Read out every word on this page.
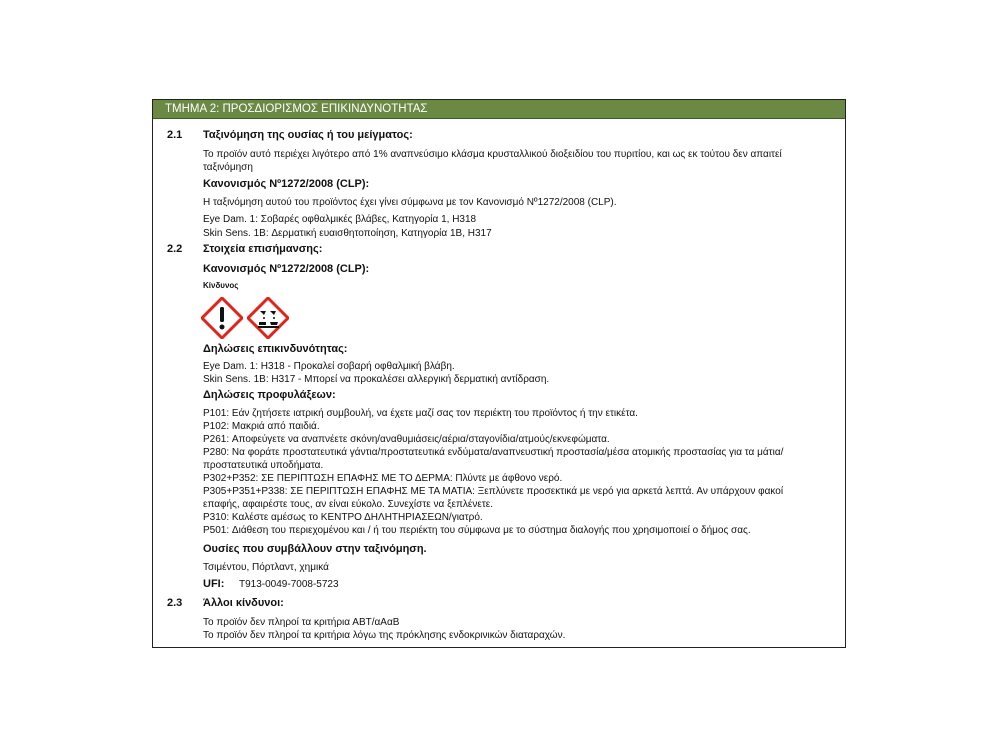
ΤΜΗΜΑ 2: ΠΡΟΣΔΙΟΡΙΣΜΟΣ ΕΠΙΚΙΝΔΥΝΟΤΗΤΑΣ
2.1 Ταξινόμηση της ουσίας ή του μείγματος:
Το προϊόν αυτό περιέχει λιγότερο από 1% αναπνεύσιμο κλάσμα κρυσταλλικού διοξειδίου του πυριτίου, και ως εκ τούτου δεν απαιτεί ταξινόμηση
Κανονισμός Nº1272/2008 (CLP):
Η ταξινόμηση αυτού του προϊόντος έχει γίνει σύμφωνα με τον Κανονισμό Nº1272/2008 (CLP).
Eye Dam. 1: Σοβαρές οφθαλμικές βλάβες, Κατηγορία 1, H318
Skin Sens. 1B: Δερματική ευαισθητοποίηση, Κατηγορία 1B, H317
2.2 Στοιχεία επισήμανσης:
Κανονισμός Nº1272/2008 (CLP):
Κίνδυνος
Δηλώσεις επικινδυνότητας:
Eye Dam. 1: H318 - Προκαλεί σοβαρή οφθαλμική βλάβη.
Skin Sens. 1B: H317 - Μπορεί να προκαλέσει αλλεργική δερματική αντίδραση.
Δηλώσεις προφυλάξεων:
P101: Εάν ζητήσετε ιατρική συμβουλή, να έχετε μαζί σας τον περιέκτη του προϊόντος ή την ετικέτα.
P102: Μακριά από παιδιά.
P261: Αποφεύγετε να αναπνέετε σκόνη/αναθυμιάσεις/αέρια/σταγονίδια/ατμούς/εκνεφώματα.
P280: Να φοράτε προστατευτικά γάντια/προστατευτικά ενδύματα/αναπνευστική προστασία/μέσα ατομικής προστασίας για τα μάτια/προστατευτικά υποδήματα.
P302+P352: ΣΕ ΠΕΡΙΠΤΩΣΗ ΕΠΑΦΗΣ ΜΕ ΤΟ ΔΕΡΜΑ: Πλύντε με άφθονο νερό.
P305+P351+P338: ΣΕ ΠΕΡΙΠΤΩΣΗ ΕΠΑΦΗΣ ΜΕ ΤΑ ΜΑΤΙΑ: Ξεπλύνετε προσεκτικά με νερό για αρκετά λεπτά. Αν υπάρχουν φακοί επαφής, αφαιρέστε τους, αν είναι εύκολο. Συνεχίστε να ξεπλένετε.
P310: Καλέστε αμέσως το ΚΕΝΤΡΟ ΔΗΛΗΤΗΡΙΑΣΕΩΝ/γιατρό.
P501: Διάθεση του περιεχομένου και / ή του περιέκτη του σύμφωνα με το σύστημα διαλογής που χρησιμοποιεί ο δήμος σας.
Ουσίες που συμβάλλουν στην ταξινόμηση.
Τσιμέντου, Πόρτλαντ, χημικά
UFI: T913-0049-7008-5723
2.3 Άλλοι κίνδυνοι:
Το προϊόν δεν πληροί τα κριτήρια ΑΒΤ/αΑαΒ
Το προϊόν δεν πληροί τα κριτήρια λόγω της πρόκλησης ενδοκρινικών διαταραχών.
